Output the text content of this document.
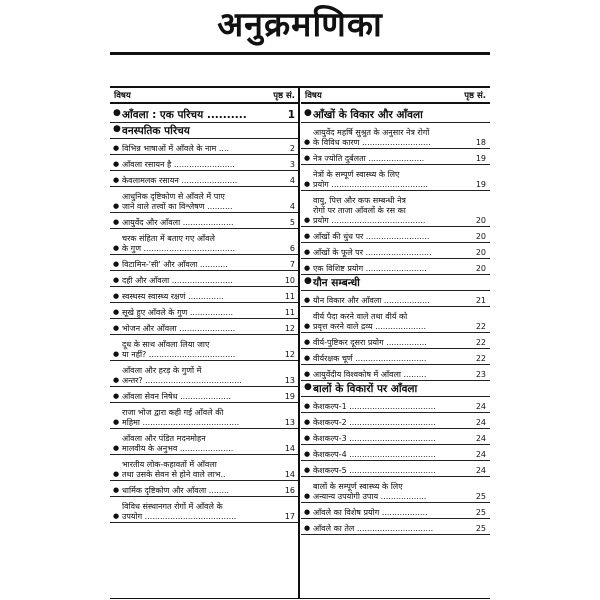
अनुक्रमणिका
विषय	पृष्ठ सं.
● आँवला : एक परिचय ..........	1
● वनस्पतिक परिचय
● विभिन्न भाषाओं में आँवले के नाम ....	2
● आँवला रसायन है ........................	3
● केवलामलक रसायन ......................	4
●
आधुनिक दृष्टिकोण से आँवले में पाए
जाने वाले तत्त्वों का विश्लेषण ..........	4
● आयुर्वेद और आँवला ....................	5
●
चरक संहिता में बताए गए आँवले
के गुण ....................................	6
● विटामिन-'सी' और आँवला ...........	7
● दही और आँवला ........................	10
● स्वस्थस्य स्वास्थ्य रक्षणं ..............	11
● सूखे हुए आँवले के गुण .................	11
● भोजन और आँवला ......................	12
●
दूध के साथ आँवला लिया जाए
या नहीं? ..................................	12
●
आँवला और हरड़ के गुणों में
अन्तर? ......................................	13
● आँवला सेवन निषेध ....................	19
●
राजा भोज द्वारा कही गई आँवले की
महिमा ......................................	13
●
आँवला और पंडित मदनमोहन
मालवीय के अनुभव .....................	14
●
भारतीय लोक-कहावतों में आँवला
तथा उसके सेवन से होने वाले लाभ..	14
● धार्मिक दृष्टिकोण और आँवला ........	16
●
विविध संस्थानगत रोगों में आँवले के
उपयोग ....................................	17
विषय	पृष्ठ सं.
● आँखों के विकार और आँवला
●
आयुर्वेद महर्षि सुश्रुत के अनुसार नेत्र रोगों
के विविध कारण ...........................	18
● नेत्र ज्योति दुर्बलता ......................	19
●
नेत्रों के सम्पूर्ण स्वास्थ्य के लिए
प्रयोग ......................................	19
●
वायु, पित्त और कफ सम्बन्धी नेत्र
रोगों पर ताजा आँवलों के रस का
प्रयोग .....................................	20
● आँखों की धुंध पर .........................	20
● आँखों के फूले पर ..........................	20
● एक विशिष्ट प्रयोग ........................	20
● यौन सम्बन्धी
● यौन विकार और आँवला ..................	21
●
वीर्य पैदा करने वाले तथा वीर्य को
प्रवृत्त करने वाले द्रव्य ....................	22
● वीर्य-पुष्टिकर दूसरा प्रयोग ................	22
● वीर्यरक्षक चूर्ण ............................	22
● आयुर्वेदीय विश्वकोष में आँवला .........	23
● बालों के विकारों पर आँवला
● केशकल्प-1 ..................................	24
● केशकल्प-2 ..................................	24
● केशकल्प-3 ..................................	24
● केशकल्प-4 ..................................	24
● केशकल्प-5 ..................................	24
●
बालों के सम्पूर्ण स्वास्थ्य के लिए
अन्यान्य उपयोगी उपाय ..................	25
● आँवले का विशेष प्रयोग ..................	25
● आँवले का तेल ..............................	25
